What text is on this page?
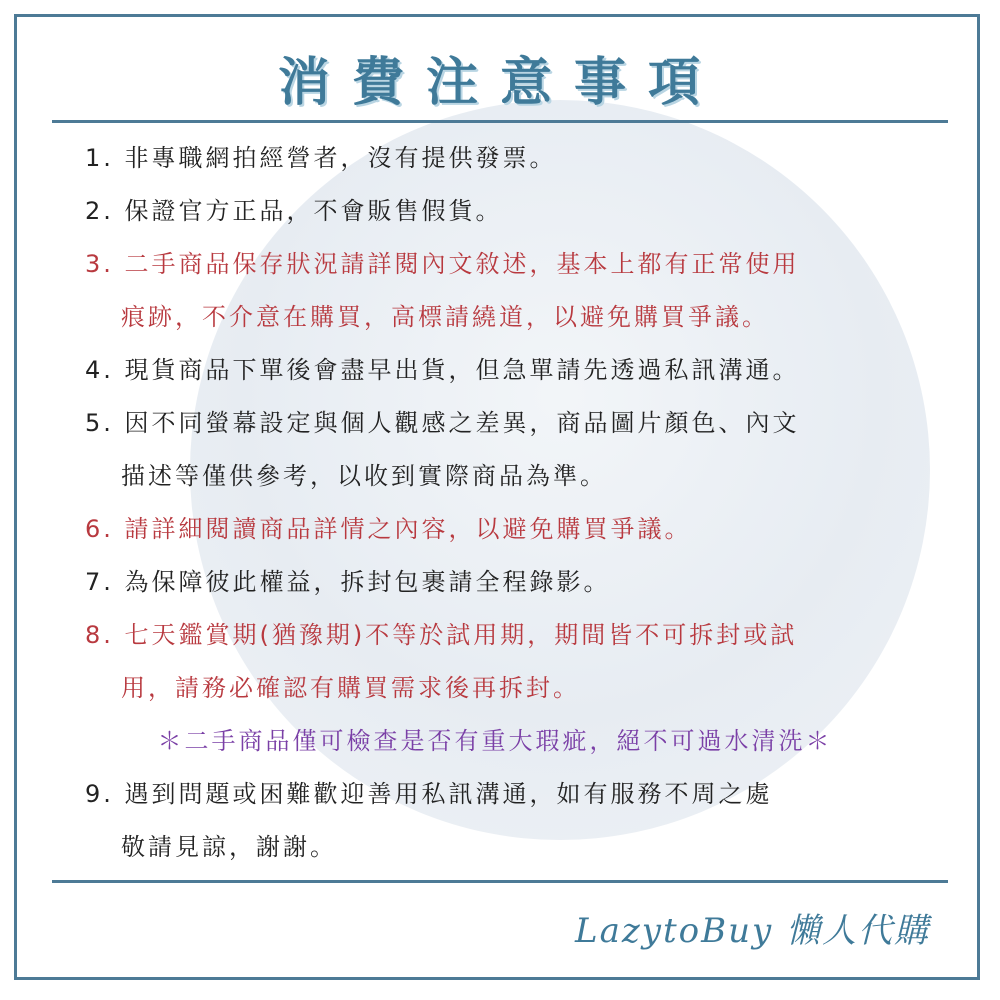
消費注意事項
1. 非專職網拍經營者，沒有提供發票。
2. 保證官方正品，不會販售假貨。
3. 二手商品保存狀況請詳閱內文敘述，基本上都有正常使用
痕跡，不介意在購買，高標請繞道，以避免購買爭議。
4. 現貨商品下單後會盡早出貨，但急單請先透過私訊溝通。
5. 因不同螢幕設定與個人觀感之差異，商品圖片顏色、內文
描述等僅供參考，以收到實際商品為準。
6. 請詳細閱讀商品詳情之內容，以避免購買爭議。
7. 為保障彼此權益，拆封包裹請全程錄影。
8. 七天鑑賞期(猶豫期)不等於試用期，期間皆不可拆封或試
用，請務必確認有購買需求後再拆封。
＊二手商品僅可檢查是否有重大瑕疵，絕不可過水清洗＊
9. 遇到問題或困難歡迎善用私訊溝通，如有服務不周之處
敬請見諒，謝謝。
LazytoBuy 懶人代購
